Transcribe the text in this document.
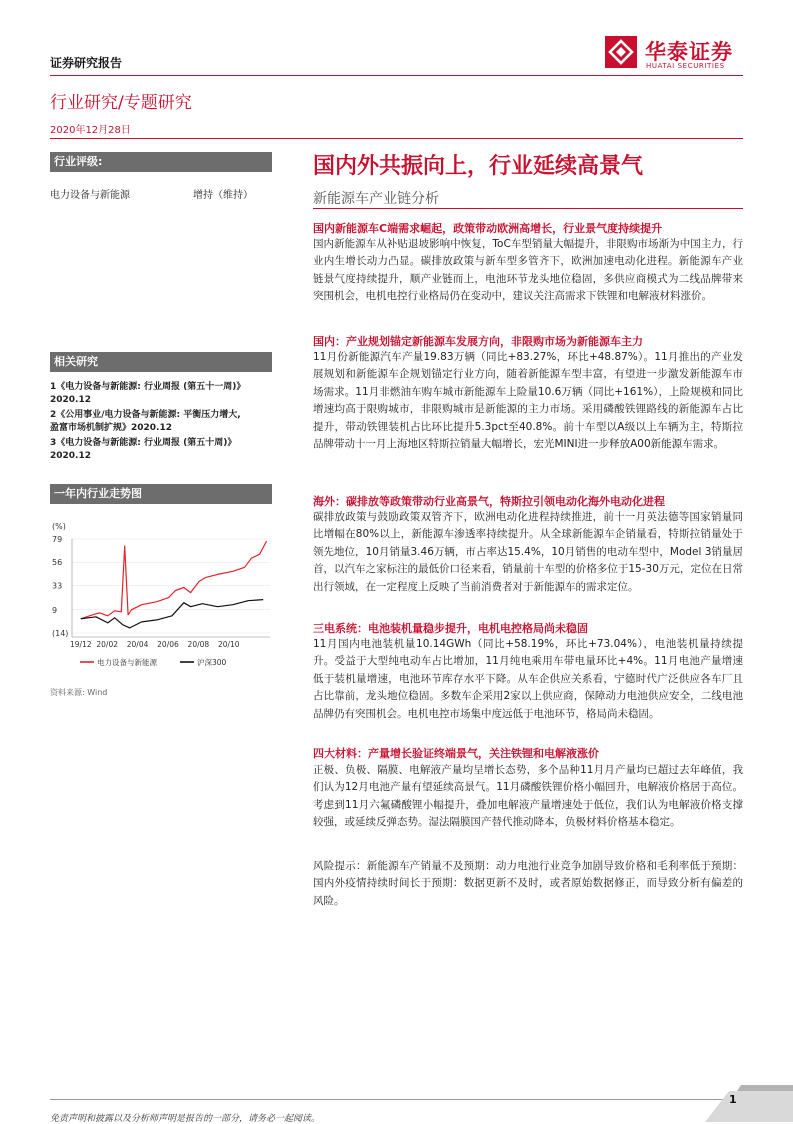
证券研究报告	华泰证券
HUATAI SECURITIES
行业研究/专题研究
2020年12月28日
行业评级:
电力设备与新能源	增持（维持）
相关研究
1《电力设备与新能源: 行业周报 (第五十一周)》
2020.12
2《公用事业/电力设备与新能源: 平衡压力增大,
盈富市场机制扩规》2020.12
3《电力设备与新能源: 行业周报 (第五十周)》
2020.12
一年内行业走势图
(%)
79
56
33
9
(14)
19/12 20/02 20/04 20/06 20/08 20/10
电力设备与新能源	沪深300
资料来源: Wind
国内外共振向上，行业延续高景气
新能源车产业链分析
国内新能源车C端需求崛起，政策带动欧洲高增长，行业景气度持续提升
国内新能源车从补贴退坡影响中恢复，ToC车型销量大幅提升，非限购市场渐为中国主力，行业内生增长动力凸显。碳排放政策与新车型多管齐下，欧洲加速电动化进程。新能源车产业链景气度持续提升，顺产业链而上，电池环节龙头地位稳固，多供应商模式为二线品牌带来突围机会，电机电控行业格局仍在变动中，建议关注高需求下铁锂和电解液材料涨价。
国内：产业规划锚定新能源车发展方向，非限购市场为新能源车主力
11月份新能源汽车产量19.83万辆（同比+83.27%，环比+48.87%）。11月推出的产业发展规划和新能源车企规划锚定行业方向，随着新能源车型丰富，有望进一步激发新能源车市场需求。11月非燃油车购车城市新能源车上险量10.6万辆（同比+161%），上险规模和同比增速均高于限购城市，非限购城市是新能源的主力市场。采用磷酸铁锂路线的新能源车占比提升，带动铁锂装机占比环比提升5.3pct至40.8%。前十车型以A级以上车辆为主，特斯拉品牌带动十一月上海地区特斯拉销量大幅增长，宏光MINI进一步释放A00新能源车需求。
海外：碳排放等政策带动行业高景气，特斯拉引领电动化海外电动化进程
碳排放政策与鼓励政策双管齐下，欧洲电动化进程持续推进，前十一月英法德等国家销量同比增幅在80%以上，新能源车渗透率持续提升。从全球新能源车企销量看，特斯拉销量处于领先地位，10月销量3.46万辆，市占率达15.4%，10月销售的电动车型中，Model 3销量居首，以汽车之家标注的最低价口径来看，销量前十车型的价格多位于15-30万元，定位在日常出行领域，在一定程度上反映了当前消费者对于新能源车的需求定位。
三电系统：电池装机量稳步提升，电机电控格局尚未稳固
11月国内电池装机量10.14GWh（同比+58.19%，环比+73.04%），电池装机量持续提升。受益于大型纯电动车占比增加，11月纯电乘用车带电量环比+4%。11月电池产量增速低于装机量增速，电池环节库存水平下降。从车企供应关系看，宁德时代广泛供应各车厂且占比靠前，龙头地位稳固。多数车企采用2家以上供应商，保障动力电池供应安全，二线电池品牌仍有突围机会。电机电控市场集中度远低于电池环节，格局尚未稳固。
四大材料：产量增长验证终端景气，关注铁锂和电解液涨价
正极、负极、隔膜、电解液产量均呈增长态势，多个品种11月月产量均已超过去年峰值，我们认为12月电池产量有望延续高景气。11月磷酸铁锂价格小幅回升，电解液价格居于高位。考虑到11月六氟磷酸锂小幅提升，叠加电解液产量增速处于低位，我们认为电解液价格支撑较强，或延续反弹态势。湿法隔膜国产替代推动降本，负极材料价格基本稳定。
风险提示：新能源车产销量不及预期：动力电池行业竞争加剧导致价格和毛利率低于预期：国内外疫情持续时间长于预期：数据更新不及时，或者原始数据修正，而导致分析有偏差的风险。
免责声明和披露以及分析师声明是报告的一部分，请务必一起阅读。
1
